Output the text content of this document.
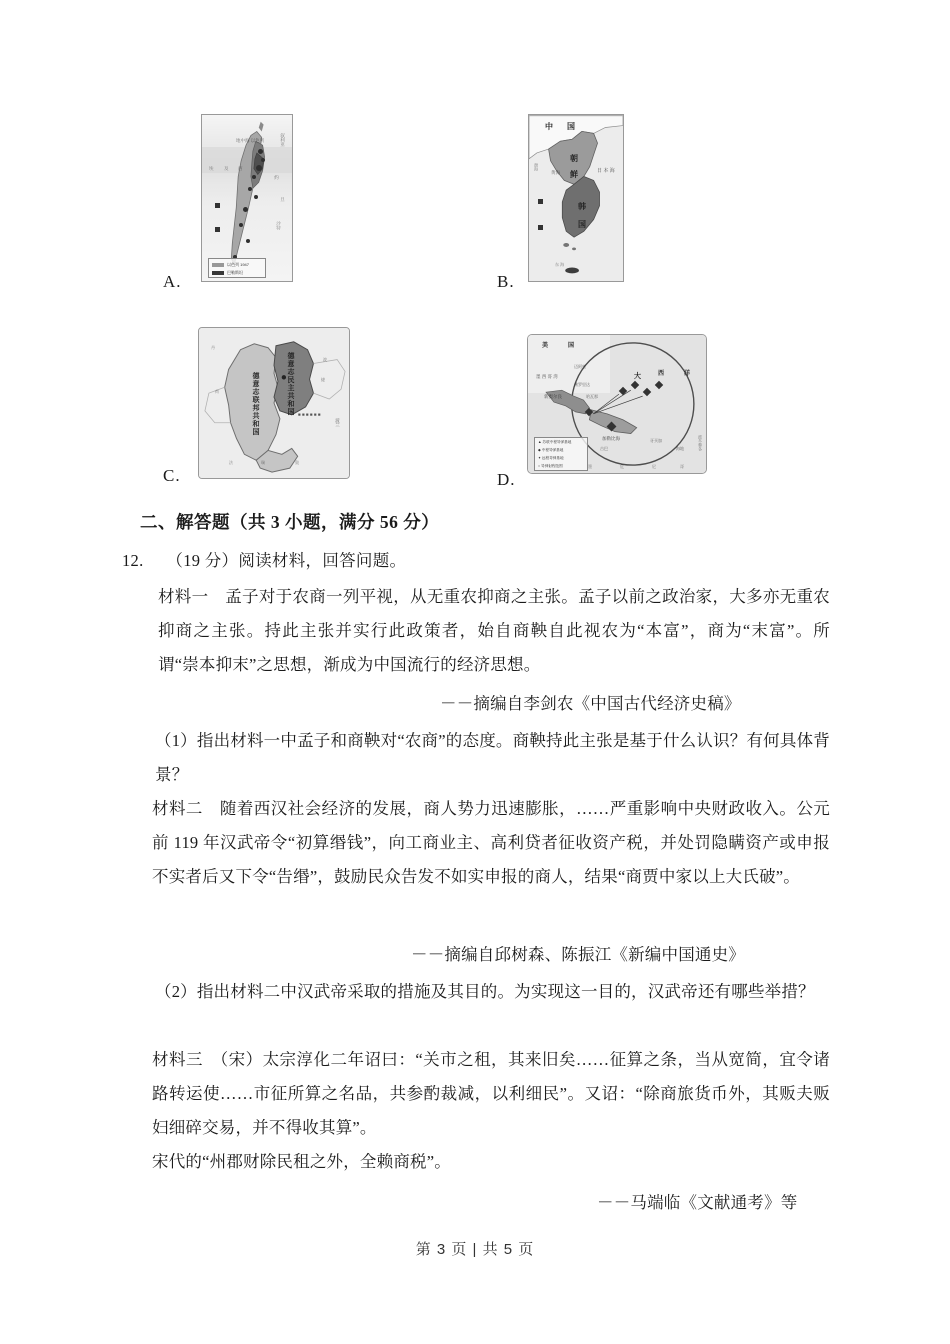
A.
地中海 以色列
埃 及 西
叙利亚
约
旦
沙特
以色列 1947
巴勒斯坦	B.
中 国
朝
鲜
韩
国
日 本 海
黄海
渤海
东 海
C.
德意志民主共和国
德意志联邦共和国	■ ■ ■ ■ ■ ■
波兰
丹
荷
波
捷
法	瑞	奥
D.
美	国
大	西	洋
墨 西 哥 湾
迈阿密
佛罗里达
新奥尔良	哈瓦那
加勒比海
古巴
牙买加
海地	波多黎各
▲ 苏联中程导弹基地
◆ 中程导弹基地
✦ 远程导弹基地
○ 导弹射程范围	墨	危	尼	哥
二、解答题（共 3 小题，满分 56 分）
12. （19 分）阅读材料，回答问题。
材料一　孟子对于农商一列平视，从无重农抑商之主张。孟子以前之政治家，大多亦无重农抑商之主张。持此主张并实行此政策者，始自商鞅自此视农为“本富”，商为“末富”。所谓“崇本抑末”之思想，渐成为中国流行的经济思想。
－－摘编自李剑农《中国古代经济史稿》
（1）指出材料一中孟子和商鞅对“农商”的态度。商鞅持此主张是基于什么认识？有何具体背景？
材料二　随着西汉社会经济的发展，商人势力迅速膨胀，……严重影响中央财政收入。公元前 119 年汉武帝令“初算缗钱”，向工商业主、高利贷者征收资产税，并处罚隐瞒资产或申报不实者后又下令“告缗”，鼓励民众告发不如实申报的商人，结果“商贾中家以上大氏破”。
－－摘编自邱树森、陈振江《新编中国通史》
（2）指出材料二中汉武帝采取的措施及其目的。为实现这一目的，汉武帝还有哪些举措？
材料三　（宋）太宗淳化二年诏曰：“关市之租，其来旧矣……征算之条，当从宽简，宜令诸路转运使……市征所算之名品，共参酌裁减，以利细民”。又诏：“除商旅货币外，其贩夫贩妇细碎交易，并不得收其算”。
宋代的“州郡财除民租之外，全赖商税”。
－－马端临《文献通考》等
第 3 页 | 共 5 页
